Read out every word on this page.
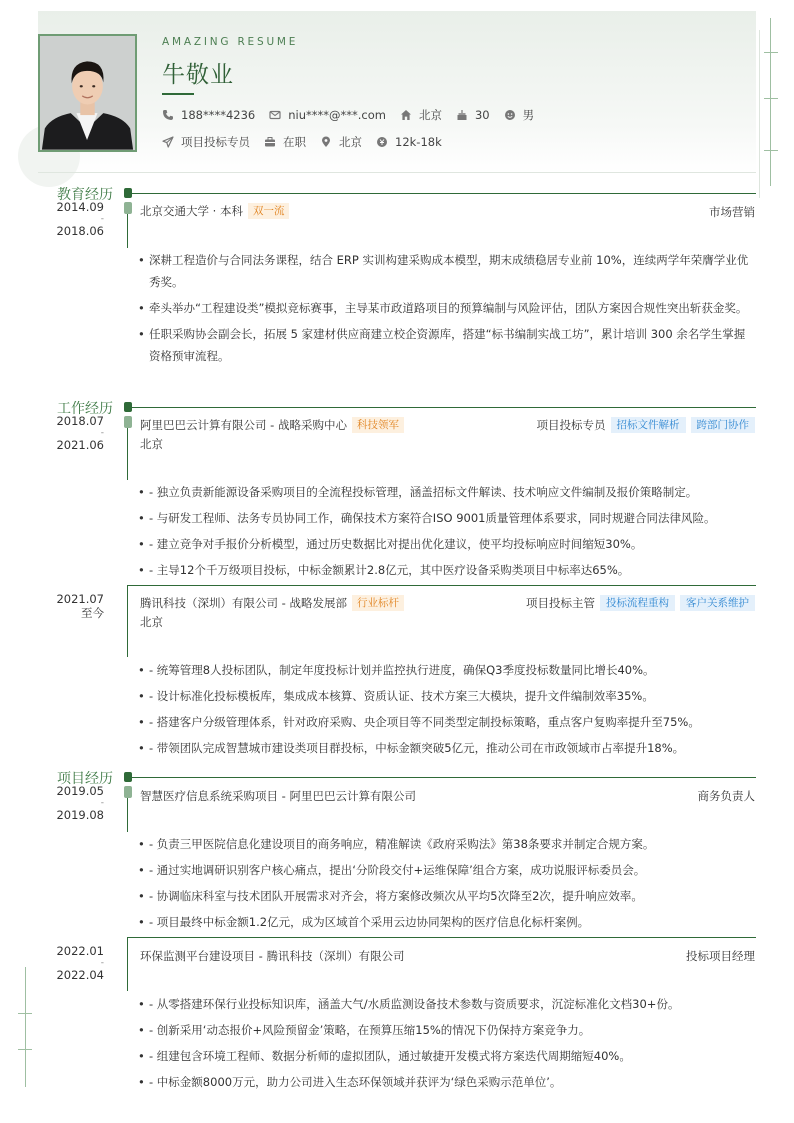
AMAZING RESUME
牛敬业
188****4236	niu****@***.com	北京	30	男
项目投标专员	在职	北京	12k-18k
教育经历
2014.09
-
2018.06
北京交通大学 · 本科 双一流	市场营销
• 深耕工程造价与合同法务课程，结合 ERP 实训构建采购成本模型，期末成绩稳居专业前 10%，连续两学年荣膺学业优秀奖。
• 牵头举办“工程建设类”模拟竞标赛事，主导某市政道路项目的预算编制与风险评估，团队方案因合规性突出斩获金奖。
• 任职采购协会副会长，拓展 5 家建材供应商建立校企资源库，搭建“标书编制实战工坊”，累计培训 300 余名学生掌握资格预审流程。
工作经历
2018.07
-
2021.06
阿里巴巴云计算有限公司 - 战略采购中心 科技领军
北京
项目投标专员	招标文件解析	跨部门协作
• - 独立负责新能源设备采购项目的全流程投标管理，涵盖招标文件解读、技术响应文件编制及报价策略制定。
• - 与研发工程师、法务专员协同工作，确保技术方案符合ISO 9001质量管理体系要求，同时规避合同法律风险。
• - 建立竞争对手报价分析模型，通过历史数据比对提出优化建议，使平均投标响应时间缩短30%。
• - 主导12个千万级项目投标，中标金额累计2.8亿元，其中医疗设备采购类项目中标率达65%。
2021.07
至今
腾讯科技（深圳）有限公司 - 战略发展部 行业标杆
北京
项目投标主管	投标流程重构	客户关系维护
• - 统筹管理8人投标团队，制定年度投标计划并监控执行进度，确保Q3季度投标数量同比增长40%。
• - 设计标准化投标模板库，集成成本核算、资质认证、技术方案三大模块，提升文件编制效率35%。
• - 搭建客户分级管理体系，针对政府采购、央企项目等不同类型定制投标策略，重点客户复购率提升至75%。
• - 带领团队完成智慧城市建设类项目群投标，中标金额突破5亿元，推动公司在市政领域市占率提升18%。
项目经历
2019.05
-
2019.08
智慧医疗信息系统采购项目 - 阿里巴巴云计算有限公司	商务负责人
• - 负责三甲医院信息化建设项目的商务响应，精准解读《政府采购法》第38条要求并制定合规方案。
• - 通过实地调研识别客户核心痛点，提出‘分阶段交付+运维保障’组合方案，成功说服评标委员会。
• - 协调临床科室与技术团队开展需求对齐会，将方案修改频次从平均5次降至2次，提升响应效率。
• - 项目最终中标金额1.2亿元，成为区域首个采用云边协同架构的医疗信息化标杆案例。
2022.01
-
2022.04
环保监测平台建设项目 - 腾讯科技（深圳）有限公司	投标项目经理
• - 从零搭建环保行业投标知识库，涵盖大气/水质监测设备技术参数与资质要求，沉淀标准化文档30+份。
• - 创新采用‘动态报价+风险预留金’策略，在预算压缩15%的情况下仍保持方案竞争力。
• - 组建包含环境工程师、数据分析师的虚拟团队，通过敏捷开发模式将方案迭代周期缩短40%。
• - 中标金额8000万元，助力公司进入生态环保领域并获评为‘绿色采购示范单位’。
